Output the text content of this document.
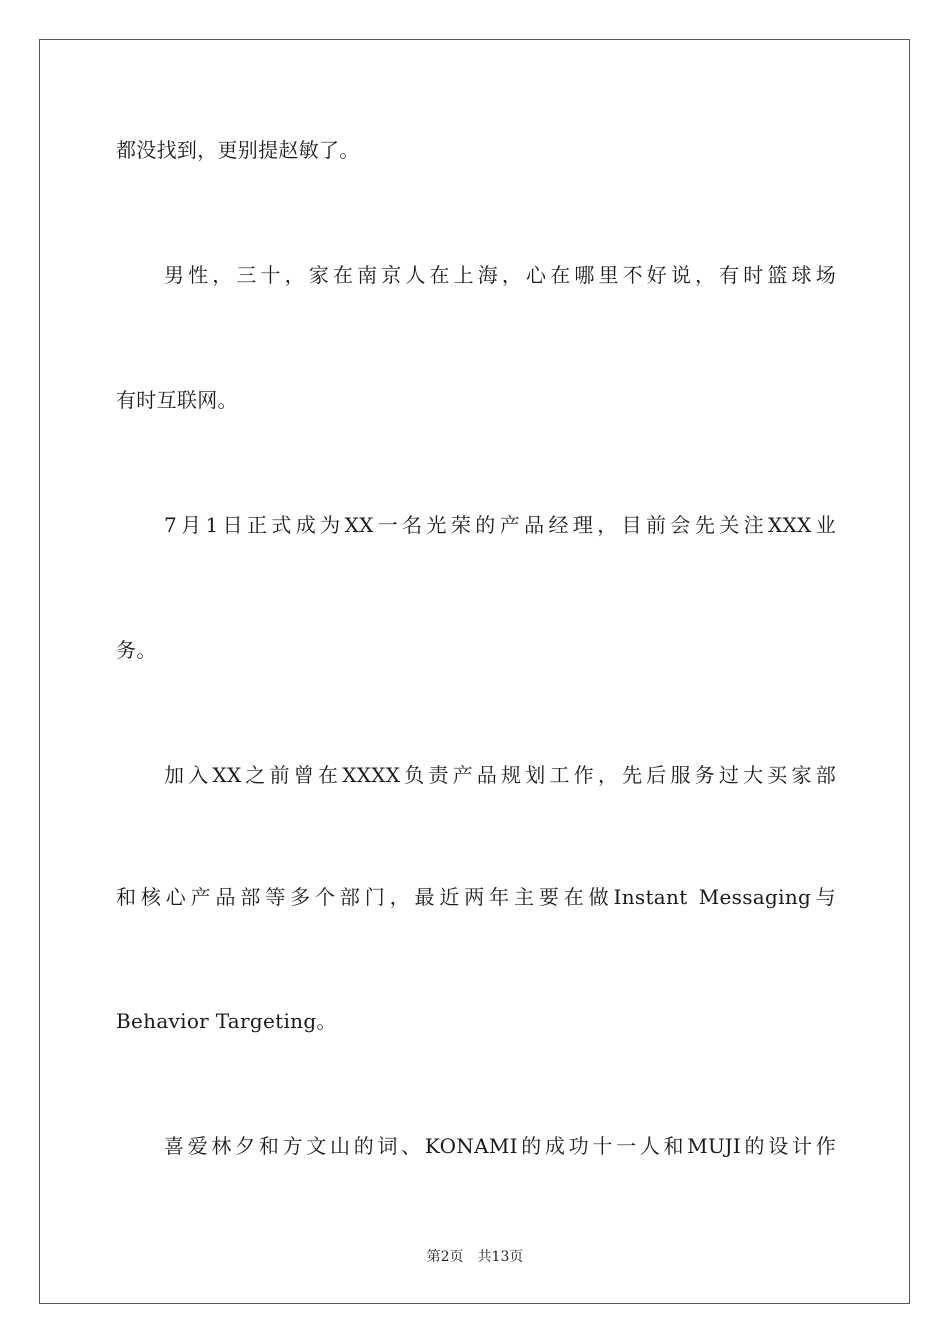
都没找到，更别提赵敏了。
男性，三十，家在南京人在上海，心在哪里不好说，有时篮球场
有时互联网。
7月1日正式成为XX一名光荣的产品经理，目前会先关注XXX业
务。
加入XX之前曾在XXXX负责产品规划工作，先后服务过大买家部
和核心产品部等多个部门，最近两年主要在做Instant Messaging与
Behavior Targeting。
喜爱林夕和方文山的词、KONAMI的成功十一人和MUJI的设计作
第2页 共13页
